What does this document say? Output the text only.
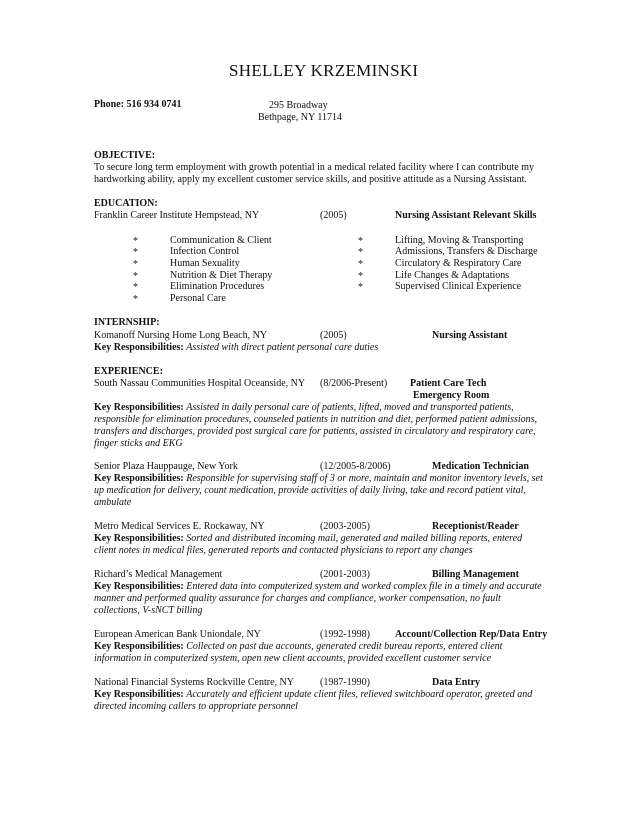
SHELLEY KRZEMINSKI
Phone: 516 934 0741	295 Broadway
Bethpage, NY 11714
OBJECTIVE:
To secure long term employment with growth potential in a medical related facility where I can contribute my
hardworking ability, apply my excellent customer service skills, and positive attitude as a Nursing Assistant.
EDUCATION:
Franklin Career Institute Hempstead, NY	(2005)	Nursing Assistant Relevant Skills
*	Communication & Client
*	Infection Control
*	Human Sexuality
*	Nutrition & Diet Therapy
*	Elimination Procedures
*	Personal Care
*	Lifting, Moving & Transporting
*	Admissions, Transfers & Discharge
*	Circulatory & Respiratory Care
*	Life Changes & Adaptations
*	Supervised Clinical Experience
INTERNSHIP:
Komanoff Nursing Home Long Beach, NY	(2005)	Nursing Assistant
Key Responsibilities: Assisted with direct patient personal care duties
EXPERIENCE:
South Nassau Communities Hospital Oceanside, NY (8/2006-Present) Patient Care Tech
Emergency Room
Key Responsibilities: Assisted in daily personal care of patients, lifted, moved and transported patients,
responsible for elimination procedures, counseled patients in nutrition and diet, performed patient admissions,
transfers and discharges, provided post surgical care for patients, assisted in circulatory and respiratory care,
finger sticks and EKG
Senior Plaza Hauppauge, New York	(12/2005-8/2006)	Medication Technician
Key Responsibilities: Responsible for supervising staff of 3 or more, maintain and monitor inventory levels, set
up medication for delivery, count medication, provide activities of daily living, take and record patient vital,
ambulate
Metro Medical Services E. Rockaway, NY	(2003-2005)	Receptionist/Reader
Key Responsibilities: Sorted and distributed incoming mail, generated and mailed billing reports, entered
client notes in medical files, generated reports and contacted physicians to report any changes
Richard’s Medical Management	(2001-2003)	Billing Management
Key Responsibilities: Entered data into computerized system and worked complex file in a timely and accurate
manner and performed quality assurance for charges and compliance, worker compensation, no fault
collections, V-sNCT billing
European American Bank Uniondale, NY	(1992-1998)	Account/Collection Rep/Data Entry
Key Responsibilities: Collected on past due accounts, generated credit bureau reports, entered client
information in computerized system, open new client accounts, provided excellent customer service
National Financial Systems Rockville Centre, NY	(1987-1990)	Data Entry
Key Responsibilities: Accurately and efficient update client files, relieved switchboard operator, greeted and
directed incoming callers to appropriate personnel
